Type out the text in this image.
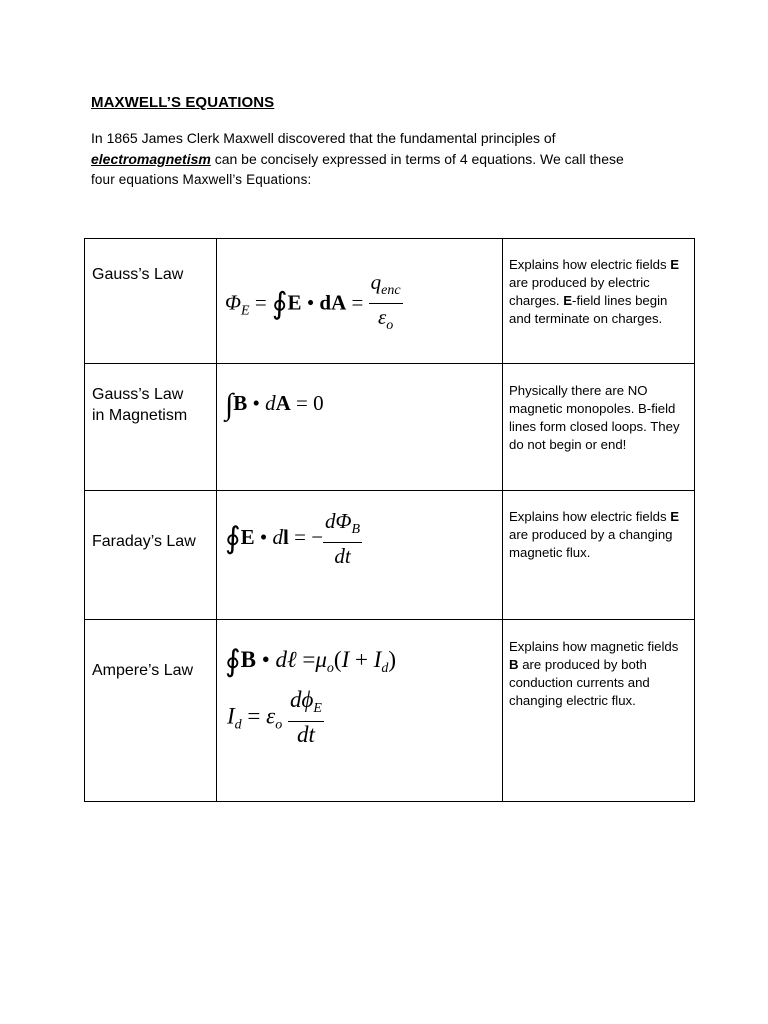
MAXWELL’S EQUATIONS
In 1865 James Clerk Maxwell discovered that the fundamental principles of
electromagnetism can be concisely expressed in terms of 4 equations. We call these
four equations Maxwell’s Equations:
Gauss’s Law	$\Phi_E$ = ∮E • dA = $\frac{q_{enc}}{\varepsilon_o}$	Explains how electric fields E are produced by electric charges. E-field lines begin and terminate on charges.

Gauss’s Law
in Magnetism	∫B • dA = 0	Physically there are NO magnetic monopoles. B-field lines form closed loops. They do not begin or end!

Faraday’s Law	∮E • dl = − $\frac{d\Phi_B}{dt}$	Explains how electric fields E are produced by a changing magnetic flux.

Ampere’s Law	∮B • dℓ $=\mu_o(I + I_d)$
$I_d = \varepsilon_o \frac{d\phi_E}{dt}$	Explains how magnetic fields B are produced by both conduction currents and changing electric flux.
